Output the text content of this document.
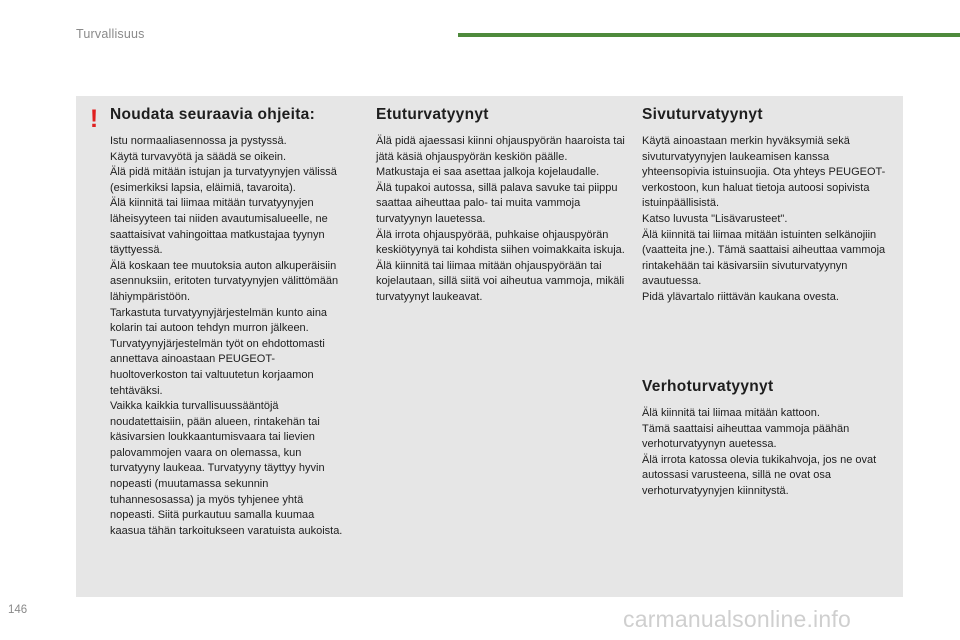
Turvallisuus
! Noudata seuraavia ohjeita:

Istu normaaliasennossa ja pystyssä.
Käytä turvavyötä ja säädä se oikein.
Älä pidä mitään istujan ja turvatyynyjen välissä (esimerkiksi lapsia, eläimiä, tavaroita).
Älä kiinnitä tai liimaa mitään turvatyynyjen läheisyyteen tai niiden avautumisalueelle, ne saattaisivat vahingoittaa matkustajaa tyynyn täyttyessä.
Älä koskaan tee muutoksia auton alkuperäisiin asennuksiin, eritoten turvatyynyjen välittömään lähiympäristöön.
Tarkastuta turvatyynyjärjestelmän kunto aina kolarin tai autoon tehdyn murron jälkeen.
Turvatyynyjärjestelmän työt on ehdottomasti annettava ainoastaan PEUGEOT-huoltoverkoston tai valtuutetun korjaamon tehtäväksi.
Vaikka kaikkia turvallisuussääntöjä noudatettaisiin, pään alueen, rintakehän tai käsivarsien loukkaantumisvaara tai lievien palovammojen vaara on olemassa, kun turvatyyny laukeaa. Turvatyyny täyttyy hyvin nopeasti (muutamassa sekunnin tuhannesosassa) ja myös tyhjenee yhtä nopeasti. Siitä purkautuu samalla kuumaa kaasua tähän tarkoitukseen varatuista aukoista.

Etuturvatyynyt

Älä pidä ajaessasi kiinni ohjauspyörän haaroista tai jätä käsiä ohjauspyörän keskiön päälle.
Matkustaja ei saa asettaa jalkoja kojelaudalle.
Älä tupakoi autossa, sillä palava savuke tai piippu saattaa aiheuttaa palo- tai muita vammoja turvatyynyn lauetessa.
Älä irrota ohjauspyörää, puhkaise ohjauspyörän keskiötyynyä tai kohdista siihen voimakkaita iskuja.
Älä kiinnitä tai liimaa mitään ohjauspyörään tai kojelautaan, sillä siitä voi aiheutua vammoja, mikäli turvatyynyt laukeavat.

Sivuturvatyynyt

Käytä ainoastaan merkin hyväksymiä sekä sivuturvatyynyjen laukeamisen kanssa yhteensopivia istuinsuojia. Ota yhteys PEUGEOT-verkostoon, kun haluat tietoja autoosi sopivista istuinpäällisistä.
Katso luvusta "Lisävarusteet".
Älä kiinnitä tai liimaa mitään istuinten selkänojiin (vaatteita jne.). Tämä saattaisi aiheuttaa vammoja rintakehään tai käsivarsiin sivuturvatyynyn avautuessa.
Pidä ylävartalo riittävän kaukana ovesta.

Verhoturvatyynyt

Älä kiinnitä tai liimaa mitään kattoon.
Tämä saattaisi aiheuttaa vammoja päähän verhoturvatyynyn auetessa.
Älä irrota katossa olevia tukikahvoja, jos ne ovat autossasi varusteena, sillä ne ovat osa verhoturvatyynyjen kiinnitystä.

146	carmanualsonline.info
